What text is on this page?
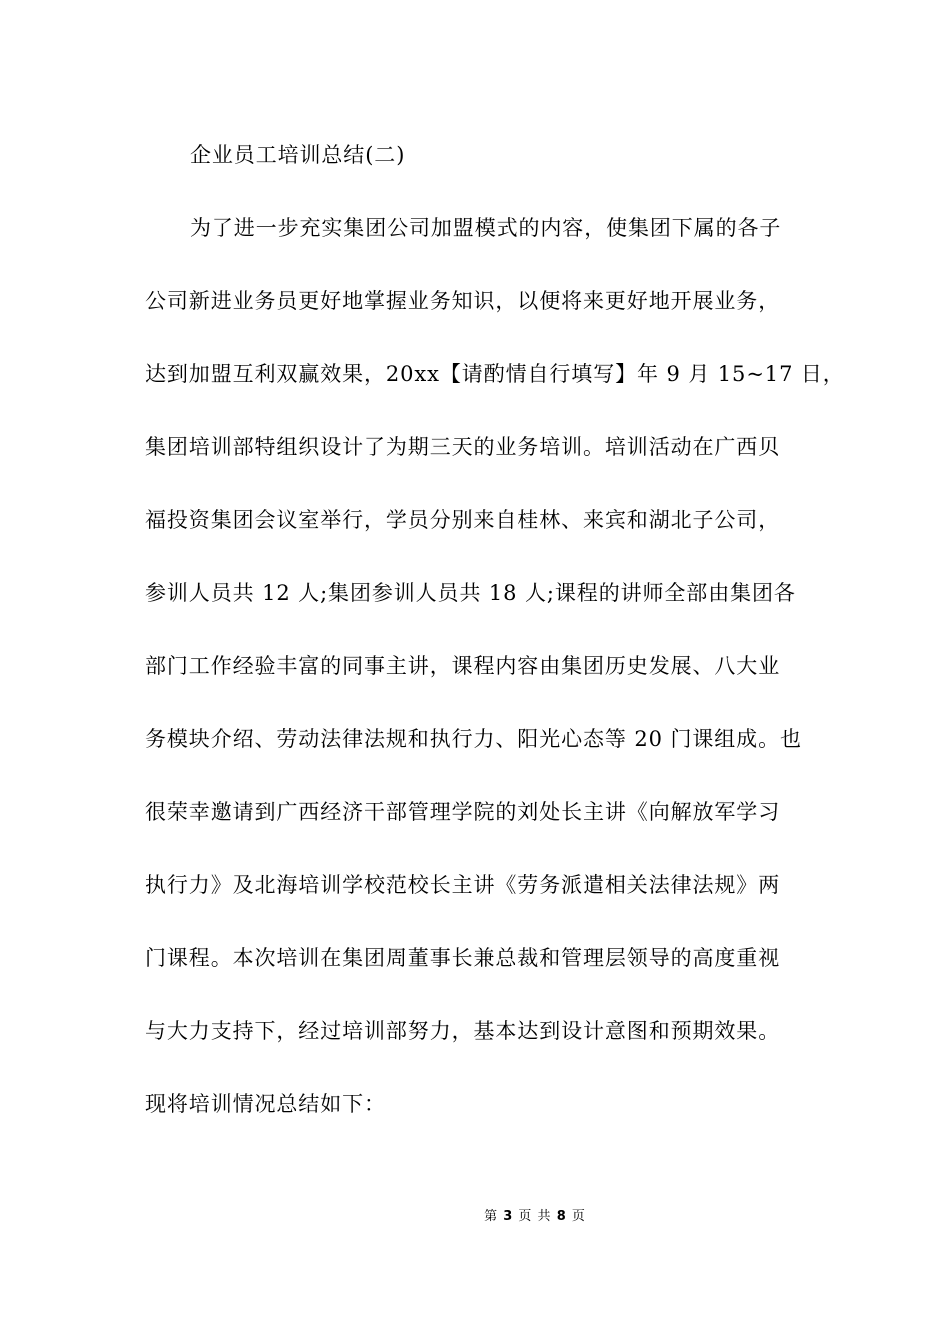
企业员工培训总结(二)
为了进一步充实集团公司加盟模式的内容，使集团下属的各子
公司新进业务员更好地掌握业务知识，以便将来更好地开展业务，
达到加盟互利双赢效果，20xx【请酌情自行填写】年 9 月 15~17 日，
集团培训部特组织设计了为期三天的业务培训。培训活动在广西贝
福投资集团会议室举行，学员分别来自桂林、来宾和湖北子公司，
参训人员共 12 人;集团参训人员共 18 人;课程的讲师全部由集团各
部门工作经验丰富的同事主讲，课程内容由集团历史发展、八大业
务模块介绍、劳动法律法规和执行力、阳光心态等 20 门课组成。也
很荣幸邀请到广西经济干部管理学院的刘处长主讲《向解放军学习
执行力》及北海培训学校范校长主讲《劳务派遣相关法律法规》两
门课程。本次培训在集团周董事长兼总裁和管理层领导的高度重视
与大力支持下，经过培训部努力，基本达到设计意图和预期效果。
现将培训情况总结如下：
第 3 页 共 8 页
